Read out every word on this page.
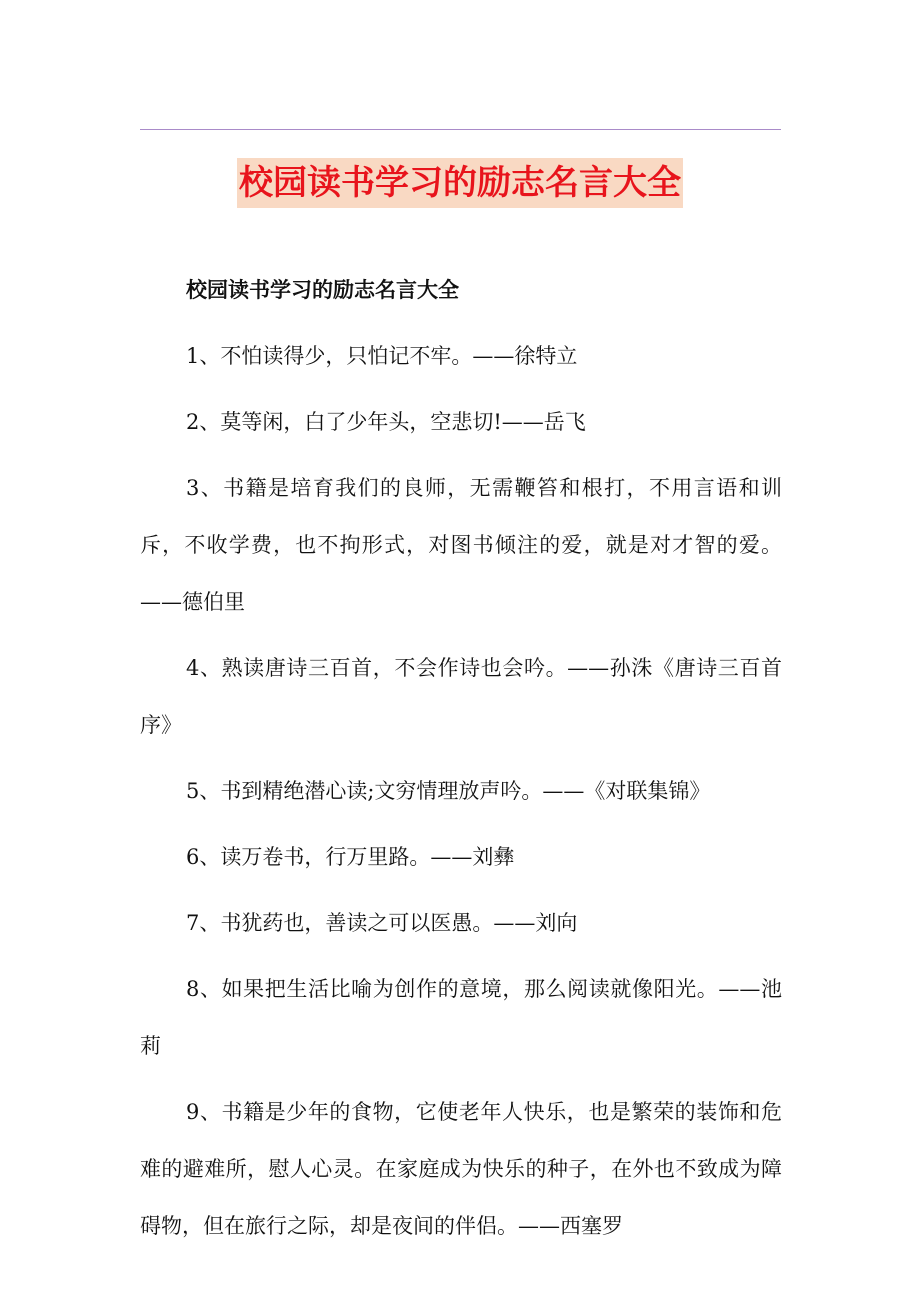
校园读书学习的励志名言大全

校园读书学习的励志名言大全

1、不怕读得少，只怕记不牢。——徐特立

2、莫等闲，白了少年头，空悲切!——岳飞

3、书籍是培育我们的良师，无需鞭笞和根打，不用言语和训斥，不收学费，也不拘形式，对图书倾注的爱，就是对才智的爱。——德伯里

4、熟读唐诗三百首，不会作诗也会吟。——孙洙《唐诗三百首序》

5、书到精绝潜心读;文穷情理放声吟。——《对联集锦》

6、读万卷书，行万里路。——刘彝

7、书犹药也，善读之可以医愚。——刘向

8、如果把生活比喻为创作的意境，那么阅读就像阳光。——池莉

9、书籍是少年的食物，它使老年人快乐，也是繁荣的装饰和危难的避难所，慰人心灵。在家庭成为快乐的种子，在外也不致成为障碍物，但在旅行之际，却是夜间的伴侣。——西塞罗
